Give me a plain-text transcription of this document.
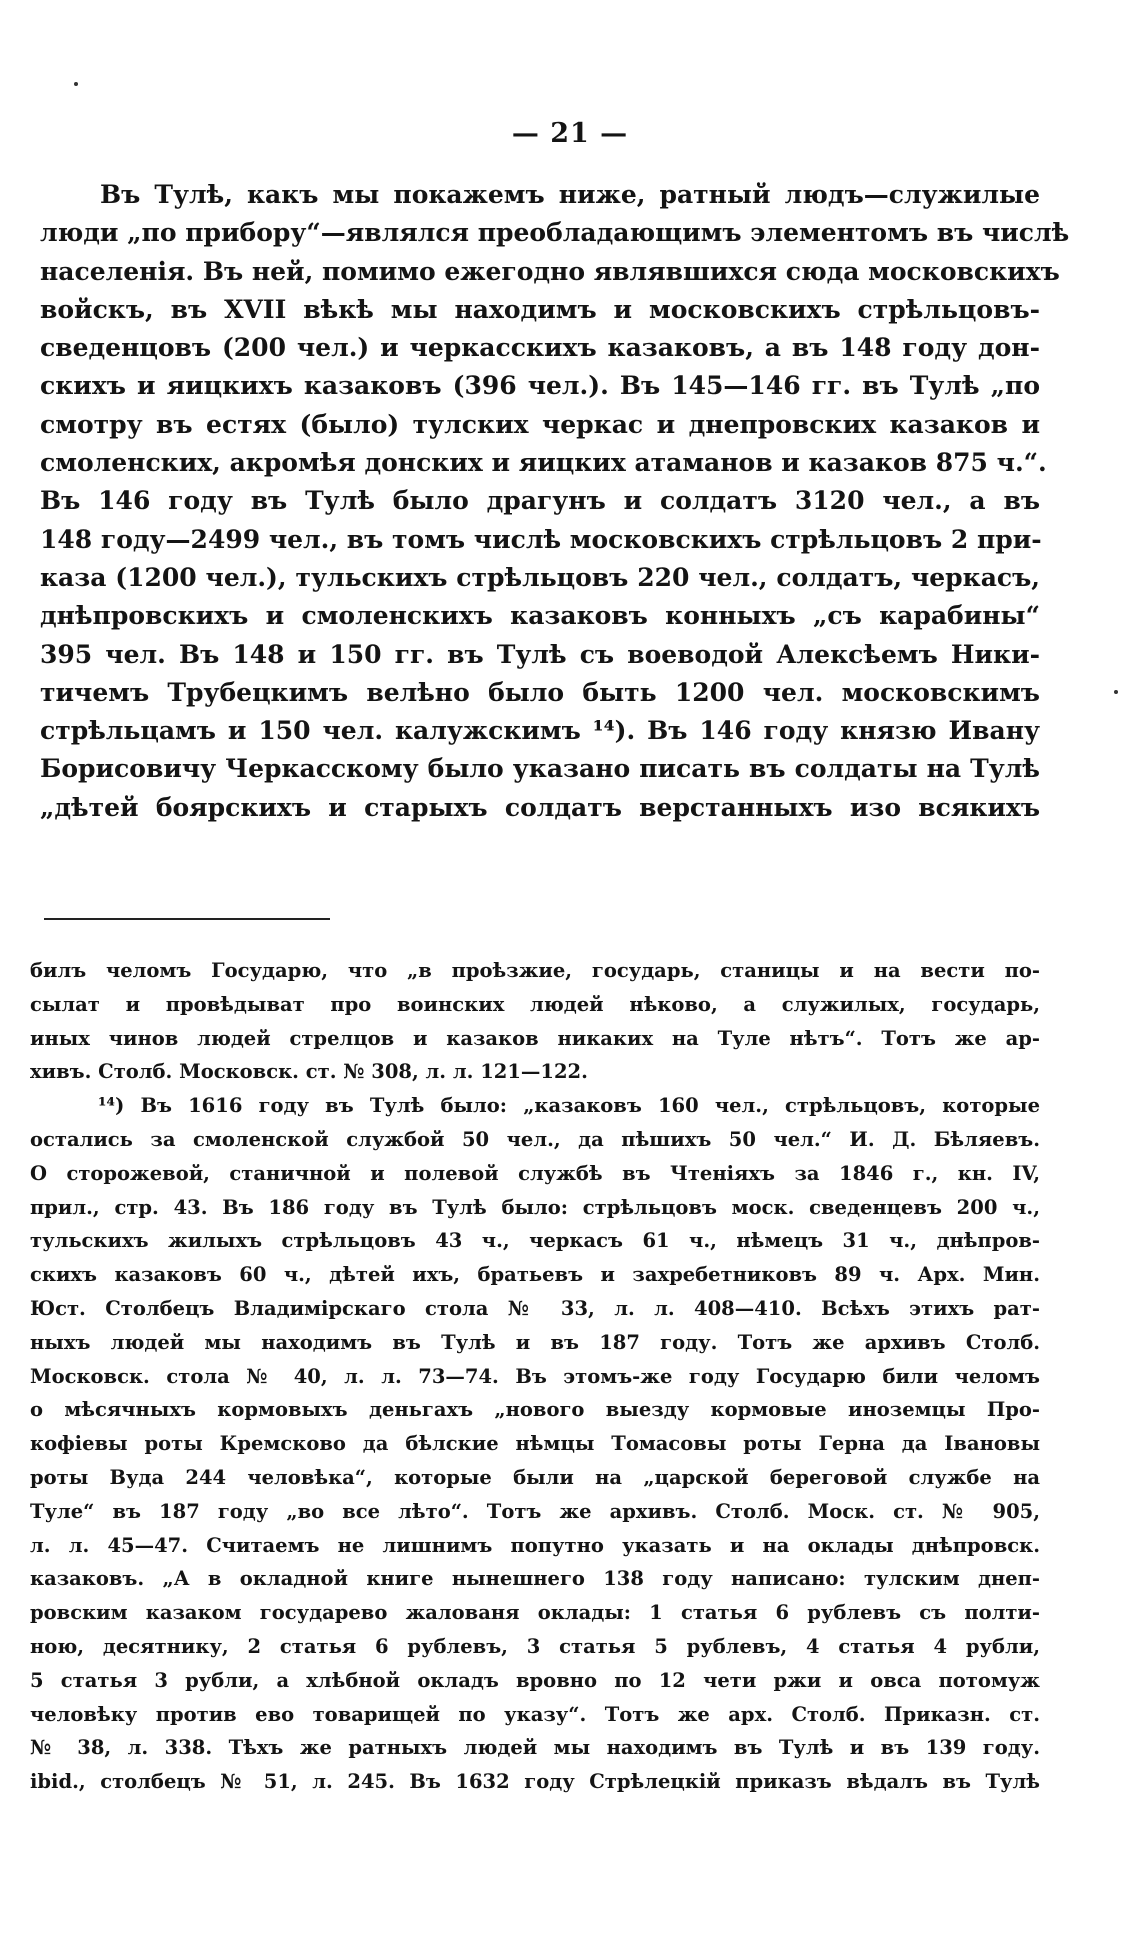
— 21 —
Въ Тулѣ, какъ мы покажемъ ниже, ратный людъ—служилые
люди „по прибору“—являлся преобладающимъ элементомъ въ числѣ
населенія. Въ ней, помимо ежегодно являвшихся сюда московскихъ
войскъ, въ XVII вѣкѣ мы находимъ и московскихъ стрѣльцовъ-
сведенцовъ (200 чел.) и черкасскихъ казаковъ, а въ 148 году дон-
скихъ и яицкихъ казаковъ (396 чел.). Въ 145—146 гг. въ Тулѣ „по
смотру въ естях (было) тулских черкас и днепровских казаков и
смоленских, акромѣя донских и яицких атаманов и казаков 875 ч.“.
Въ 146 году въ Тулѣ было драгунъ и солдатъ 3120 чел., а въ
148 году—2499 чел., въ томъ числѣ московскихъ стрѣльцовъ 2 при-
каза (1200 чел.), тульскихъ стрѣльцовъ 220 чел., солдатъ, черкасъ,
днѣпровскихъ и смоленскихъ казаковъ конныхъ „съ карабины“
395 чел. Въ 148 и 150 гг. въ Тулѣ съ воеводой Алексѣемъ Ники-
тичемъ Трубецкимъ велѣно было быть 1200 чел. московскимъ
стрѣльцамъ и 150 чел. калужскимъ ¹⁴). Въ 146 году князю Ивану
Борисовичу Черкасскому было указано писать въ солдаты на Тулѣ
„дѣтей боярскихъ и старыхъ солдатъ верстанныхъ изо всякихъ
билъ челомъ Государю, что „в проѣзжие, государь, станицы и на вести по-
сылат и провѣдыват про воинских людей нѣково, а служилых, государь,
иных чинов людей стрелцов и казаков никаких на Туле нѣтъ“. Тотъ же ар-
хивъ. Столб. Московск. ст. № 308, л. л. 121—122.
¹⁴) Въ 1616 году въ Тулѣ было: „казаковъ 160 чел., стрѣльцовъ, которые
остались за смоленской службой 50 чел., да пѣшихъ 50 чел.“ И. Д. Бѣляевъ.
О сторожевой, станичной и полевой службѣ въ Чтеніяхъ за 1846 г., кн. IV,
прил., стр. 43. Въ 186 году въ Тулѣ было: стрѣльцовъ моск. сведенцевъ 200 ч.,
тульскихъ жилыхъ стрѣльцовъ 43 ч., черкасъ 61 ч., нѣмецъ 31 ч., днѣпров-
скихъ казаковъ 60 ч., дѣтей ихъ, братьевъ и захребетниковъ 89 ч. Арх. Мин.
Юст. Столбецъ Владимірскаго стола № 33, л. л. 408—410. Всѣхъ этихъ рат-
ныхъ людей мы находимъ въ Тулѣ и въ 187 году. Тотъ же архивъ Столб.
Московск. стола № 40, л. л. 73—74. Въ этомъ-же году Государю били челомъ
о мѣсячныхъ кормовыхъ деньгахъ „нового выезду кормовые иноземцы Про-
кофіевы роты Кремсково да бѣлские нѣмцы Томасовы роты Герна да Івановы
роты Вуда 244 человѣка“, которые были на „царской береговой службе на
Туле“ въ 187 году „во все лѣто“. Тотъ же архивъ. Столб. Моск. ст. № 905,
л. л. 45—47. Считаемъ не лишнимъ попутно указать и на оклады днѣпровск.
казаковъ. „А в окладной книге нынешнего 138 году написано: тулским днеп-
ровским казаком государево жалованя оклады: 1 статья 6 рублевъ съ полти-
ною, десятнику, 2 статья 6 рублевъ, 3 статья 5 рублевъ, 4 статья 4 рубли,
5 статья 3 рубли, а хлѣбной окладъ вровно по 12 чети ржи и овса потомуж
человѣку против ево товарищей по указу“. Тотъ же арх. Столб. Приказн. ст.
№ 38, л. 338. Тѣхъ же ратныхъ людей мы находимъ въ Тулѣ и въ 139 году.
ibid., столбецъ № 51, л. 245. Въ 1632 году Стрѣлецкій приказъ вѣдалъ въ Тулѣ
